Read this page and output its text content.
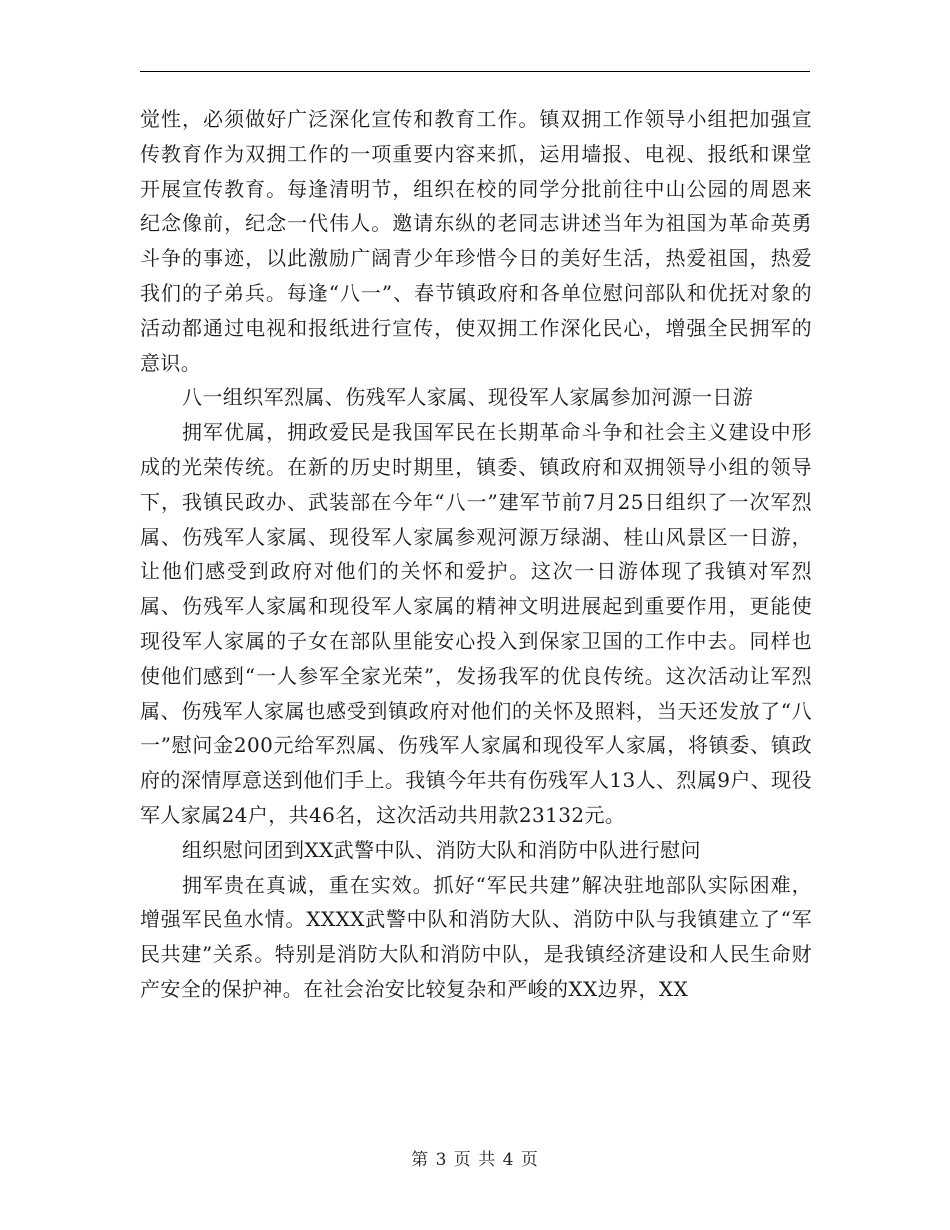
觉性，必须做好广泛深化宣传和教育工作。镇双拥工作领导小组把加强宣传教育作为双拥工作的一项重要内容来抓，运用墙报、电视、报纸和课堂开展宣传教育。每逢清明节，组织在校的同学分批前往中山公园的周恩来纪念像前，纪念一代伟人。邀请东纵的老同志讲述当年为祖国为革命英勇斗争的事迹，以此激励广阔青少年珍惜今日的美好生活，热爱祖国，热爱我们的子弟兵。每逢“八一”、春节镇政府和各单位慰问部队和优抚对象的活动都通过电视和报纸进行宣传，使双拥工作深化民心，增强全民拥军的意识。

八一组织军烈属、伤残军人家属、现役军人家属参加河源一日游

拥军优属，拥政爱民是我国军民在长期革命斗争和社会主义建设中形成的光荣传统。在新的历史时期里，镇委、镇政府和双拥领导小组的领导下，我镇民政办、武装部在今年“八一”建军节前7月25日组织了一次军烈属、伤残军人家属、现役军人家属参观河源万绿湖、桂山风景区一日游，让他们感受到政府对他们的关怀和爱护。这次一日游体现了我镇对军烈属、伤残军人家属和现役军人家属的精神文明进展起到重要作用，更能使现役军人家属的子女在部队里能安心投入到保家卫国的工作中去。同样也使他们感到“一人参军全家光荣”，发扬我军的优良传统。这次活动让军烈属、伤残军人家属也感受到镇政府对他们的关怀及照料，当天还发放了“八一”慰问金200元给军烈属、伤残军人家属和现役军人家属，将镇委、镇政府的深情厚意送到他们手上。我镇今年共有伤残军人13人、烈属9户、现役军人家属24户，共46名，这次活动共用款23132元。

组织慰问团到XX武警中队、消防大队和消防中队进行慰问

拥军贵在真诚，重在实效。抓好“军民共建”解决驻地部队实际困难，增强军民鱼水情。XXXX武警中队和消防大队、消防中队与我镇建立了“军民共建”关系。特别是消防大队和消防中队，是我镇经济建设和人民生命财产安全的保护神。在社会治安比较复杂和严峻的XX边界，XX

第 3 页 共 4 页
